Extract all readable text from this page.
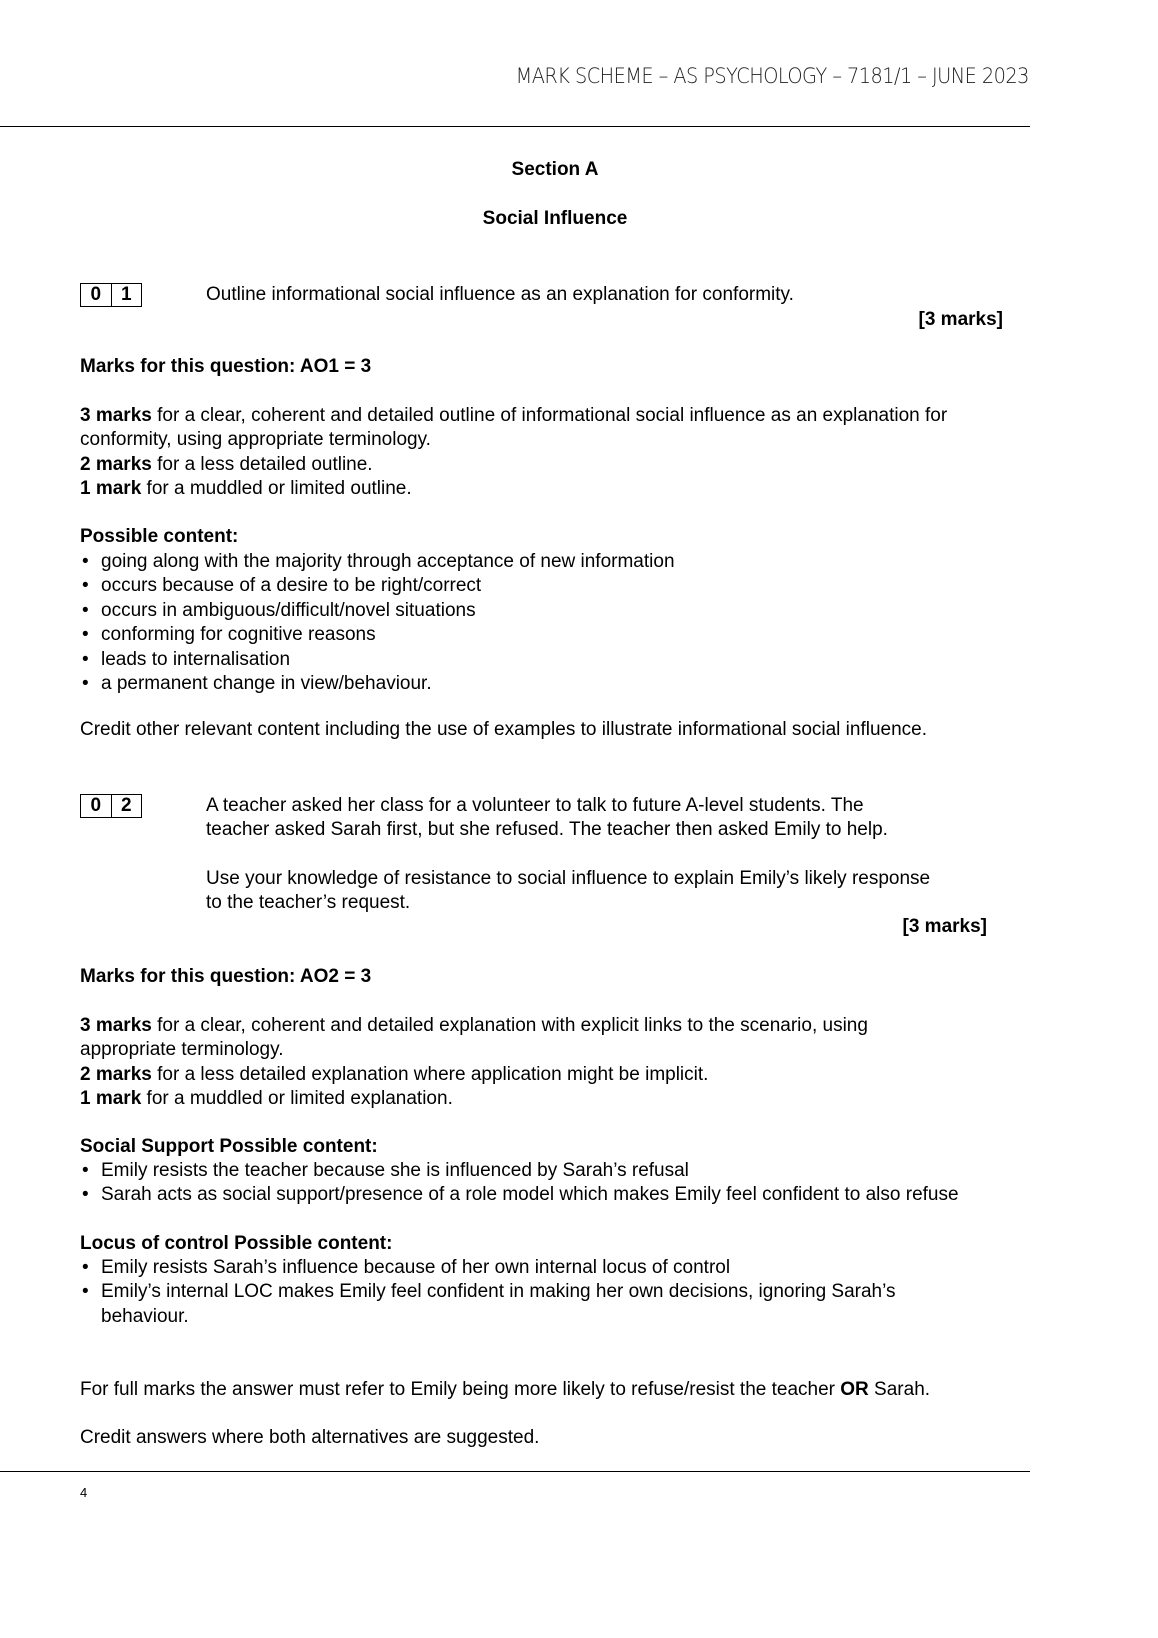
MARK SCHEME – AS PSYCHOLOGY – 7181/1 – JUNE 2023
Section A
Social Influence
0	1	Outline informational social influence as an explanation for conformity.
[3 marks]
Marks for this question: AO1 = 3
3 marks for a clear, coherent and detailed outline of informational social influence as an explanation for
conformity, using appropriate terminology.
2 marks for a less detailed outline.
1 mark for a muddled or limited outline.
Possible content:
• going along with the majority through acceptance of new information
• occurs because of a desire to be right/correct
• occurs in ambiguous/difficult/novel situations
• conforming for cognitive reasons
• leads to internalisation
• a permanent change in view/behaviour.
Credit other relevant content including the use of examples to illustrate informational social influence.
0	2	A teacher asked her class for a volunteer to talk to future A-level students. The
teacher asked Sarah first, but she refused. The teacher then asked Emily to help.
Use your knowledge of resistance to social influence to explain Emily’s likely response
to the teacher’s request.
[3 marks]
Marks for this question: AO2 = 3
3 marks for a clear, coherent and detailed explanation with explicit links to the scenario, using
appropriate terminology.
2 marks for a less detailed explanation where application might be implicit.
1 mark for a muddled or limited explanation.
Social Support Possible content:
• Emily resists the teacher because she is influenced by Sarah’s refusal
• Sarah acts as social support/presence of a role model which makes Emily feel confident to also refuse
Locus of control Possible content:
• Emily resists Sarah’s influence because of her own internal locus of control
• Emily’s internal LOC makes Emily feel confident in making her own decisions, ignoring Sarah’s
behaviour.
For full marks the answer must refer to Emily being more likely to refuse/resist the teacher OR Sarah.
Credit answers where both alternatives are suggested.
4
